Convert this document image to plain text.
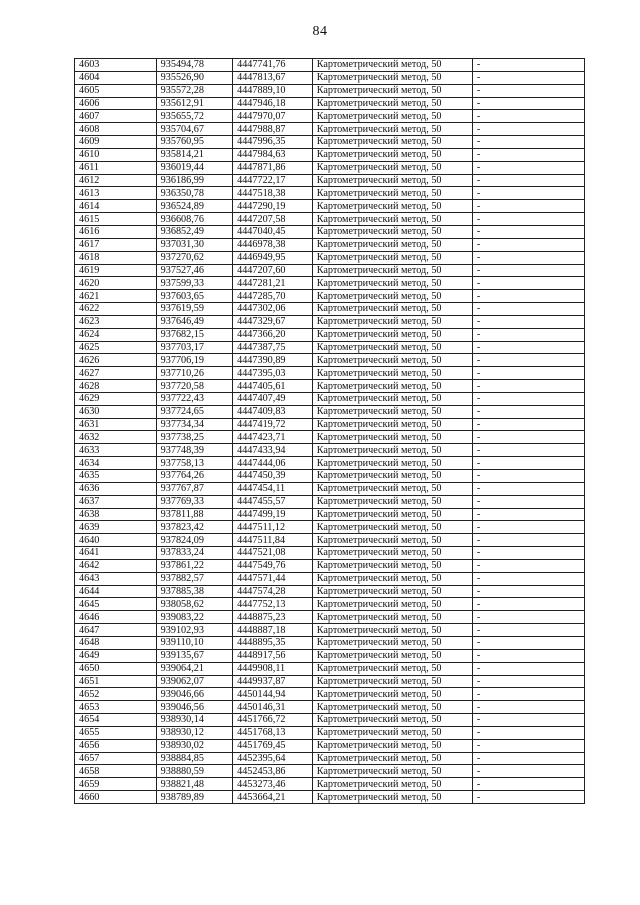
84
4603	935494,78	4447741,76	Картометрический метод, 50	-
4604	935526,90	4447813,67	Картометрический метод, 50	-
4605	935572,28	4447889,10	Картометрический метод, 50	-
4606	935612,91	4447946,18	Картометрический метод, 50	-
4607	935655,72	4447970,07	Картометрический метод, 50	-
4608	935704,67	4447988,87	Картометрический метод, 50	-
4609	935760,95	4447996,35	Картометрический метод, 50	-
4610	935814,21	4447984,63	Картометрический метод, 50	-
4611	936019,44	4447871,86	Картометрический метод, 50	-
4612	936186,99	4447722,17	Картометрический метод, 50	-
4613	936350,78	4447518,38	Картометрический метод, 50	-
4614	936524,89	4447290,19	Картометрический метод, 50	-
4615	936608,76	4447207,58	Картометрический метод, 50	-
4616	936852,49	4447040,45	Картометрический метод, 50	-
4617	937031,30	4446978,38	Картометрический метод, 50	-
4618	937270,62	4446949,95	Картометрический метод, 50	-
4619	937527,46	4447207,60	Картометрический метод, 50	-
4620	937599,33	4447281,21	Картометрический метод, 50	-
4621	937603,65	4447285,70	Картометрический метод, 50	-
4622	937619,59	4447302,06	Картометрический метод, 50	-
4623	937646,49	4447329,67	Картометрический метод, 50	-
4624	937682,15	4447366,20	Картометрический метод, 50	-
4625	937703,17	4447387,75	Картометрический метод, 50	-
4626	937706,19	4447390,89	Картометрический метод, 50	-
4627	937710,26	4447395,03	Картометрический метод, 50	-
4628	937720,58	4447405,61	Картометрический метод, 50	-
4629	937722,43	4447407,49	Картометрический метод, 50	-
4630	937724,65	4447409,83	Картометрический метод, 50	-
4631	937734,34	4447419,72	Картометрический метод, 50	-
4632	937738,25	4447423,71	Картометрический метод, 50	-
4633	937748,39	4447433,94	Картометрический метод, 50	-
4634	937758,13	4447444,06	Картометрический метод, 50	-
4635	937764,26	4447450,39	Картометрический метод, 50	-
4636	937767,87	4447454,11	Картометрический метод, 50	-
4637	937769,33	4447455,57	Картометрический метод, 50	-
4638	937811,88	4447499,19	Картометрический метод, 50	-
4639	937823,42	4447511,12	Картометрический метод, 50	-
4640	937824,09	4447511,84	Картометрический метод, 50	-
4641	937833,24	4447521,08	Картометрический метод, 50	-
4642	937861,22	4447549,76	Картометрический метод, 50	-
4643	937882,57	4447571,44	Картометрический метод, 50	-
4644	937885,38	4447574,28	Картометрический метод, 50	-
4645	938058,62	4447752,13	Картометрический метод, 50	-
4646	939083,22	4448875,23	Картометрический метод, 50	-
4647	939102,93	4448887,18	Картометрический метод, 50	-
4648	939110,10	4448895,35	Картометрический метод, 50	-
4649	939135,67	4448917,56	Картометрический метод, 50	-
4650	939064,21	4449908,11	Картометрический метод, 50	-
4651	939062,07	4449937,87	Картометрический метод, 50	-
4652	939046,66	4450144,94	Картометрический метод, 50	-
4653	939046,56	4450146,31	Картометрический метод, 50	-
4654	938930,14	4451766,72	Картометрический метод, 50	-
4655	938930,12	4451768,13	Картометрический метод, 50	-
4656	938930,02	4451769,45	Картометрический метод, 50	-
4657	938884,85	4452395,64	Картометрический метод, 50	-
4658	938880,59	4452453,86	Картометрический метод, 50	-
4659	938821,48	4453273,46	Картометрический метод, 50	-
4660	938789,89	4453664,21	Картометрический метод, 50	-
